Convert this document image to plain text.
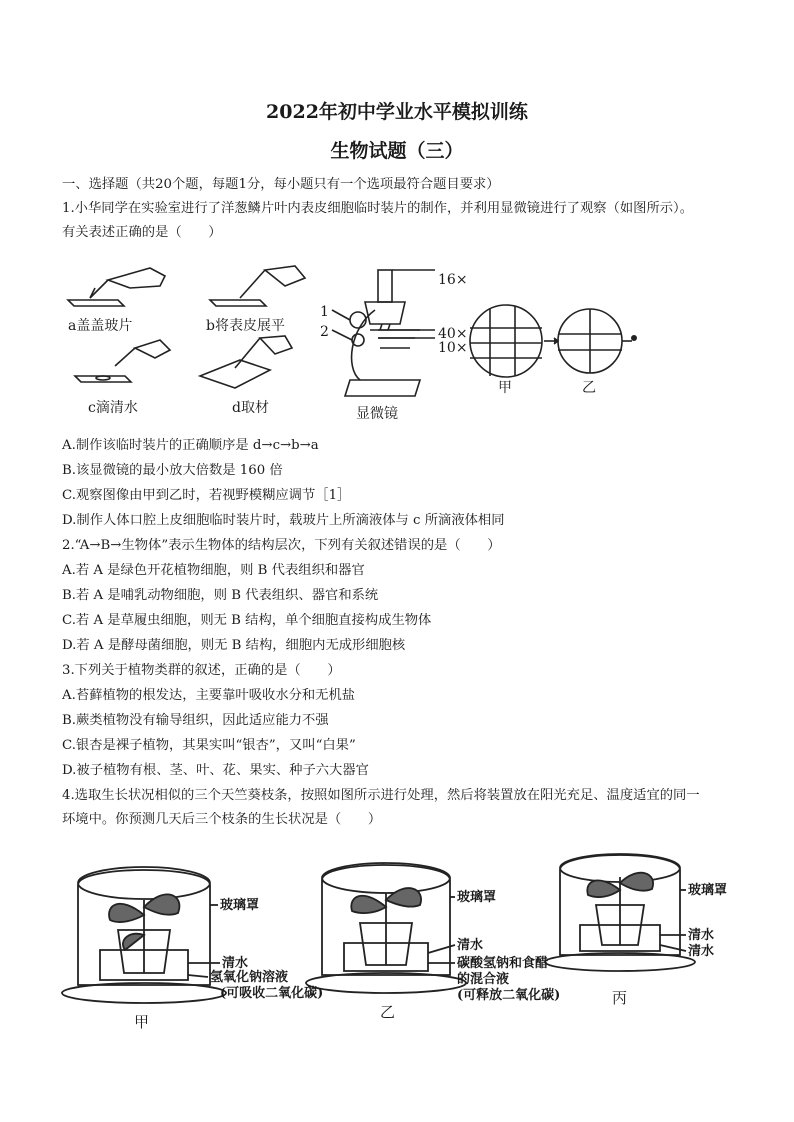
2022年初中学业水平模拟训练
生物试题（三）
一、选择题（共20个题，每题1分，每小题只有一个选项最符合题目要求）
1.小华同学在实验室进行了洋葱鳞片叶内表皮细胞临时装片的制作，并利用显微镜进行了观察（如图所示）。
有关表述正确的是（　　）
a盖盖玻片	b将表皮展平
c滴清水	d取材	显微镜
16×
40×
10×
1
2
甲	乙
A.制作该临时装片的正确顺序是 d→c→b→a
B.该显微镜的最小放大倍数是 160 倍
C.观察图像由甲到乙时，若视野模糊应调节［1］
D.制作人体口腔上皮细胞临时装片时，载玻片上所滴液体与 c 所滴液体相同
2.“A→B→生物体”表示生物体的结构层次，下列有关叙述错误的是（　　）
A.若 A 是绿色开花植物细胞，则 B 代表组织和器官
B.若 A 是哺乳动物细胞，则 B 代表组织、器官和系统
C.若 A 是草履虫细胞，则无 B 结构，单个细胞直接构成生物体
D.若 A 是酵母菌细胞，则无 B 结构，细胞内无成形细胞核
3.下列关于植物类群的叙述，正确的是（　　）
A.苔藓植物的根发达，主要靠叶吸收水分和无机盐
B.蕨类植物没有输导组织，因此适应能力不强
C.银杏是裸子植物，其果实叫“银杏”，又叫“白果”
D.被子植物有根、茎、叶、花、果实、种子六大器官
4.选取生长状况相似的三个天竺葵枝条，按照如图所示进行处理，然后将装置放在阳光充足、温度适宜的同一
环境中。你预测几天后三个枝条的生长状况是（　　）
玻璃罩
清水
氢氧化钠溶液
(可吸收二氧化碳)
玻璃罩
清水
碳酸氢钠和食醋
的混合液
(可释放二氧化碳)
玻璃罩
清水
清水
甲
乙
丙
